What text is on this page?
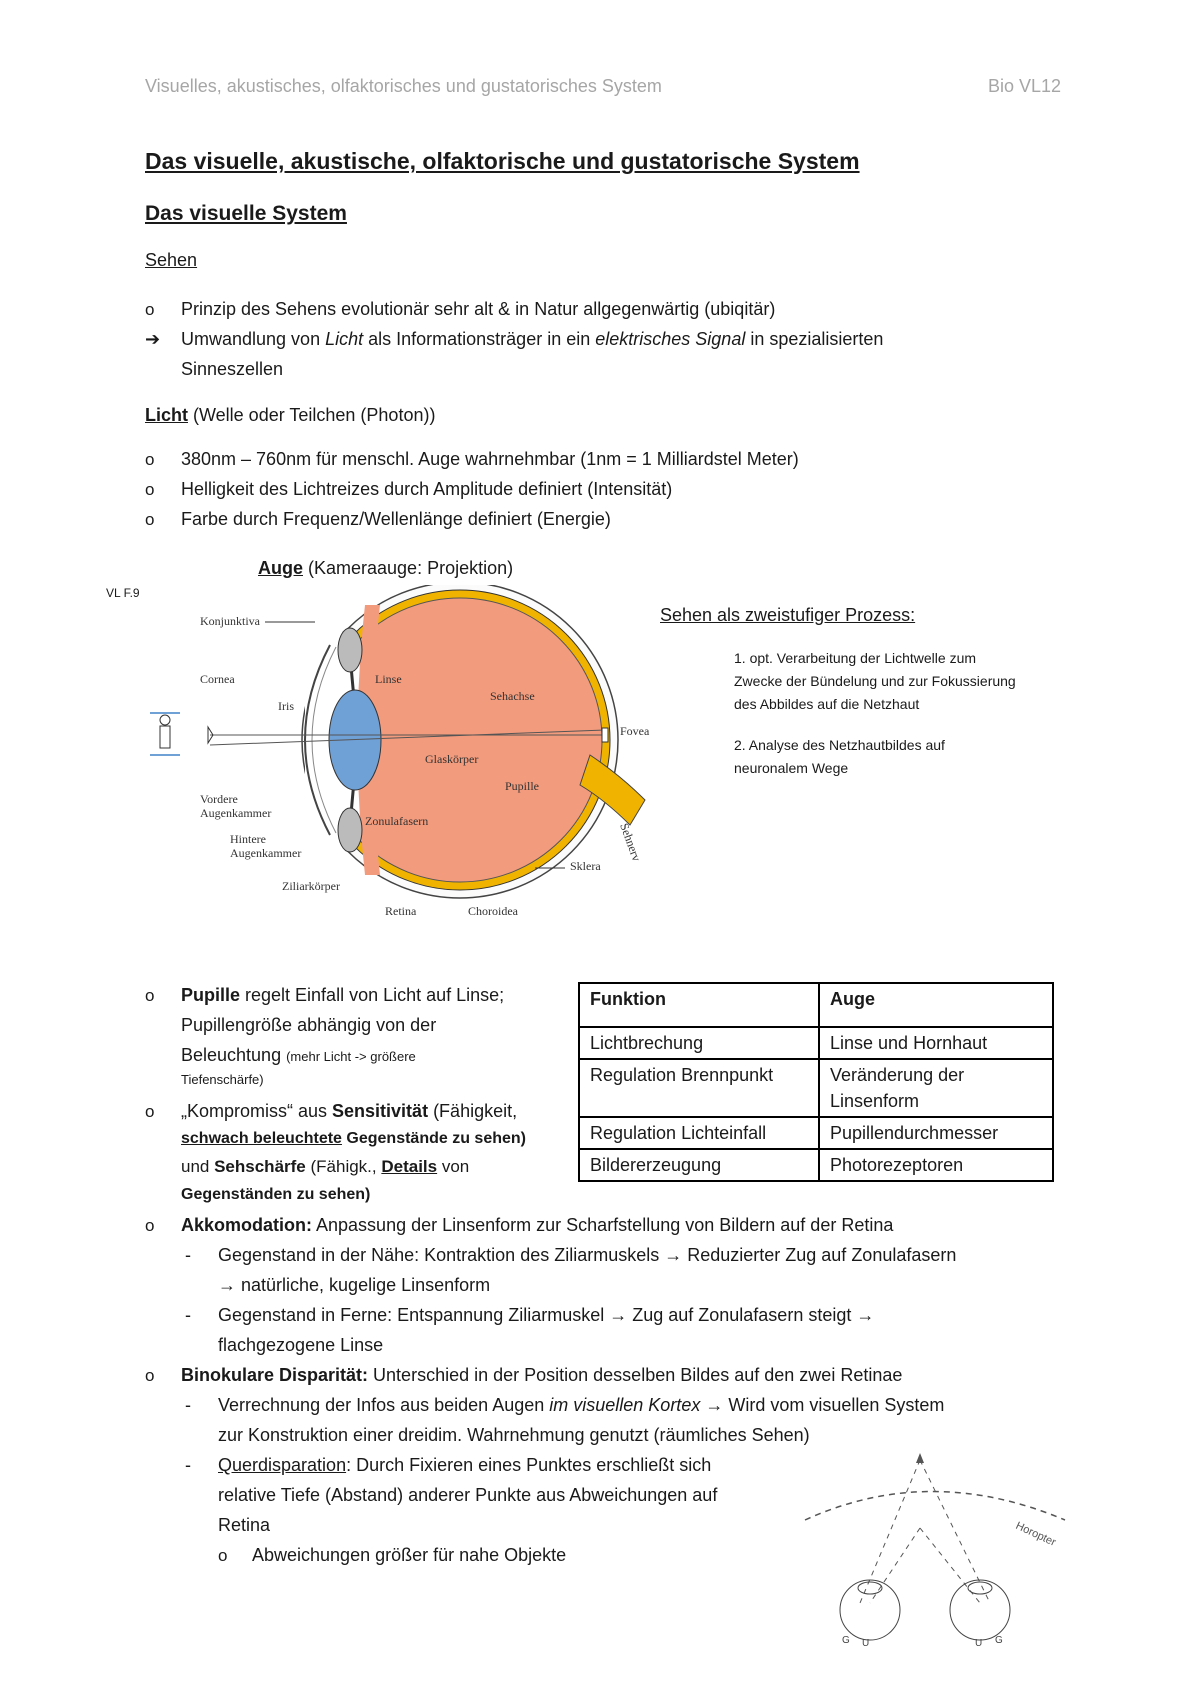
Visuelles, akustisches, olfaktorisches und gustatorisches System	Bio VL12
Das visuelle, akustische, olfaktorische und gustatorische System
Das visuelle System
Sehen
o Prinzip des Sehens evolutionär sehr alt & in Natur allgegenwärtig (ubiqitär)
➔ Umwandlung von Licht als Informationsträger in ein elektrisches Signal in spezialisierten
Sinneszellen
Licht (Welle oder Teilchen (Photon))
o 380nm – 760nm für menschl. Auge wahrnehmbar (1nm = 1 Milliardstel Meter)
o Helligkeit des Lichtreizes durch Amplitude definiert (Intensität)
o Farbe durch Frequenz/Wellenlänge definiert (Energie)
Auge (Kameraauge: Projektion)
VL F.9
Konjunktiva
Cornea
Iris
Linse
Sehachse
Fovea
Glaskörper
Pupille
Vordere
Augenkammer
Zonulafasern
Hintere
Augenkammer	Sehnerv
Sklera
Ziliarkörper
Retina	Choroidea
Sehen als zweistufiger Prozess:
1. opt. Verarbeitung der Lichtwelle zum
Zwecke der Bündelung und zur Fokussierung
des Abbildes auf die Netzhaut
2. Analyse des Netzhautbildes auf
neuronalem Wege
o Pupille regelt Einfall von Licht auf Linse;
Pupillengröße abhängig von der
Beleuchtung (mehr Licht -> größere
Tiefenschärfe)
o „Kompromiss“ aus Sensitivität (Fähigkeit,
schwach beleuchtete Gegenstände zu sehen)
und Sehschärfe (Fähigk., Details von
Gegenständen zu sehen)
Funktion	Auge
Lichtbrechung	Linse und Hornhaut
Regulation Brennpunkt	Veränderung der Linsenform
Regulation Lichteinfall	Pupillendurchmesser
Bildererzeugung	Photorezeptoren
o Akkomodation: Anpassung der Linsenform zur Scharfstellung von Bildern auf der Retina
- Gegenstand in der Nähe: Kontraktion des Ziliarmuskels → Reduzierter Zug auf Zonulafasern
→ natürliche, kugelige Linsenform
- Gegenstand in Ferne: Entspannung Ziliarmuskel → Zug auf Zonulafasern steigt →
flachgezogene Linse
o Binokulare Disparität: Unterschied in der Position desselben Bildes auf den zwei Retinae
- Verrechnung der Infos aus beiden Augen im visuellen Kortex → Wird vom visuellen System
zur Konstruktion einer dreidim. Wahrnehmung genutzt (räumliches Sehen)
- Querdisparation: Durch Fixieren eines Punktes erschließt sich
relative Tiefe (Abstand) anderer Punkte aus Abweichungen auf
Retina
o Abweichungen größer für nahe Objekte
Horopter
G U	U G
